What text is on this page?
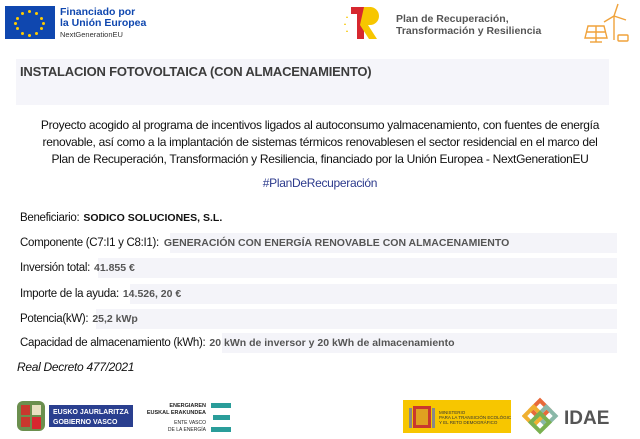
Financiado por
la Unión Europea
NextGenerationEU
Plan de Recuperación,
Transformación y Resiliencia
INSTALACION FOTOVOLTAICA (CON ALMACENAMIENTO)
Proyecto acogido al programa de incentivos ligados al autoconsumo yalmacenamiento, con fuentes de energía
renovable, así como a la implantación de sistemas térmicos renovablesen el sector residencial en el marco del
Plan de Recuperación, Transformación y Resiliencia, financiado por la Unión Europea - NextGenerationEU
#PlanDeRecuperación
Beneficiario: SODICO SOLUCIONES, S.L.
Componente (C7:I1 y C8:I1): GENERACIÓN CON ENERGÍA RENOVABLE CON ALMACENAMIENTO
Inversión total: 41.855 €
Importe de la ayuda: 14.526, 20 €
Potencia(kW): 25,2 kWp
Capacidad de almacenamiento (kWh): 20 kWn de inversor y 20 kWh de almacenamiento
Real Decreto 477/2021
EUSKO JAURLARITZA
GOBIERNO VASCO
ENERGIAREN
EUSKAL ERAKUNDEA
ENTE VASCO
DE LA ENERGÍA
MINISTERIO
PARA LA TRANSICIÓN ECOLÓGICA
Y EL RETO DEMOGRÁFICO	IDAE
